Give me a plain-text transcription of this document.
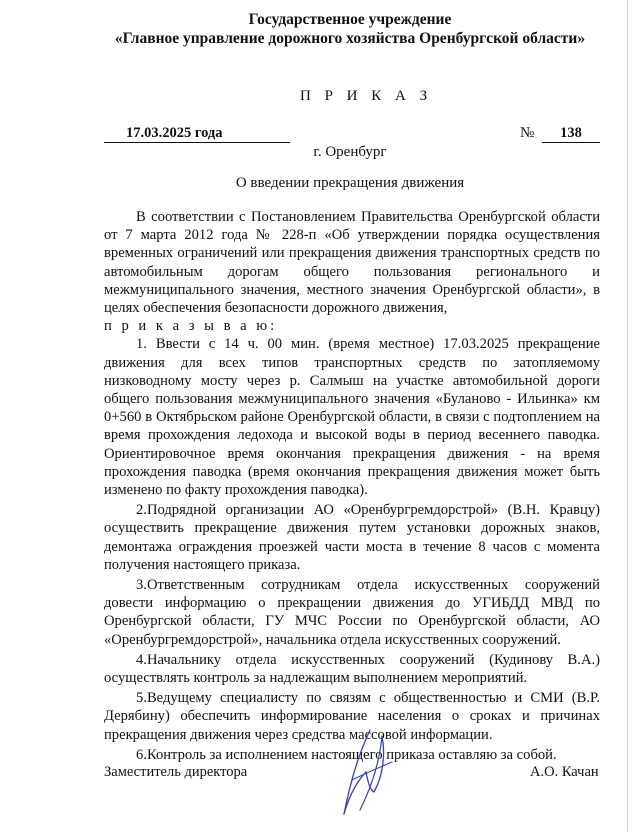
Государственное учреждение
«Главное управление дорожного хозяйства Оренбургской области»
П Р И К А З
17.03.2025 года	№	138
г. Оренбург
О введении прекращения движения

В соответствии с Постановлением Правительства Оренбургской области от 7 марта 2012 года № 228-п «Об утверждении порядка осуществления временных ограничений или прекращения движения транспортных средств по автомобильным дорогам общего пользования регионального и межмуниципального значения, местного значения Оренбургской области», в целях обеспечения безопасности дорожного движения,

п р и к а з ы в а ю:

1. Ввести с 14 ч. 00 мин. (время местное) 17.03.2025 прекращение движения для всех типов транспортных средств по затопляемому низководному мосту через р. Салмыш на участке автомобильной дороги общего пользования межмуниципального значения «Буланово - Ильинка» км 0+560 в Октябрьском районе Оренбургской области, в связи с подтоплением на время прохождения ледохода и высокой воды в период весеннего паводка. Ориентировочное время окончания прекращения движения - на время прохождения паводка (время окончания прекращения движения может быть изменено по факту прохождения паводка).

2.Подрядной организации АО «Оренбургремдорстрой» (В.Н. Кравцу) осуществить прекращение движения путем установки дорожных знаков, демонтажа ограждения проезжей части моста в течение 8 часов с момента получения настоящего приказа.

3.Ответственным сотрудникам отдела искусственных сооружений довести информацию о прекращении движения до УГИБДД МВД по Оренбургской области, ГУ МЧС России по Оренбургской области, АО «Оренбургремдорстрой», начальника отдела искусственных сооружений.

4.Начальнику отдела искусственных сооружений (Кудинову В.А.) осуществлять контроль за надлежащим выполнением мероприятий.

5.Ведущему специалисту по связям с общественностью и СМИ (В.Р. Дерябину) обеспечить информирование населения о сроках и причинах прекращения движения через средства массовой информации.

6.Контроль за исполнением настоящего приказа оставляю за собой.

Заместитель директора	А.О. Качан
